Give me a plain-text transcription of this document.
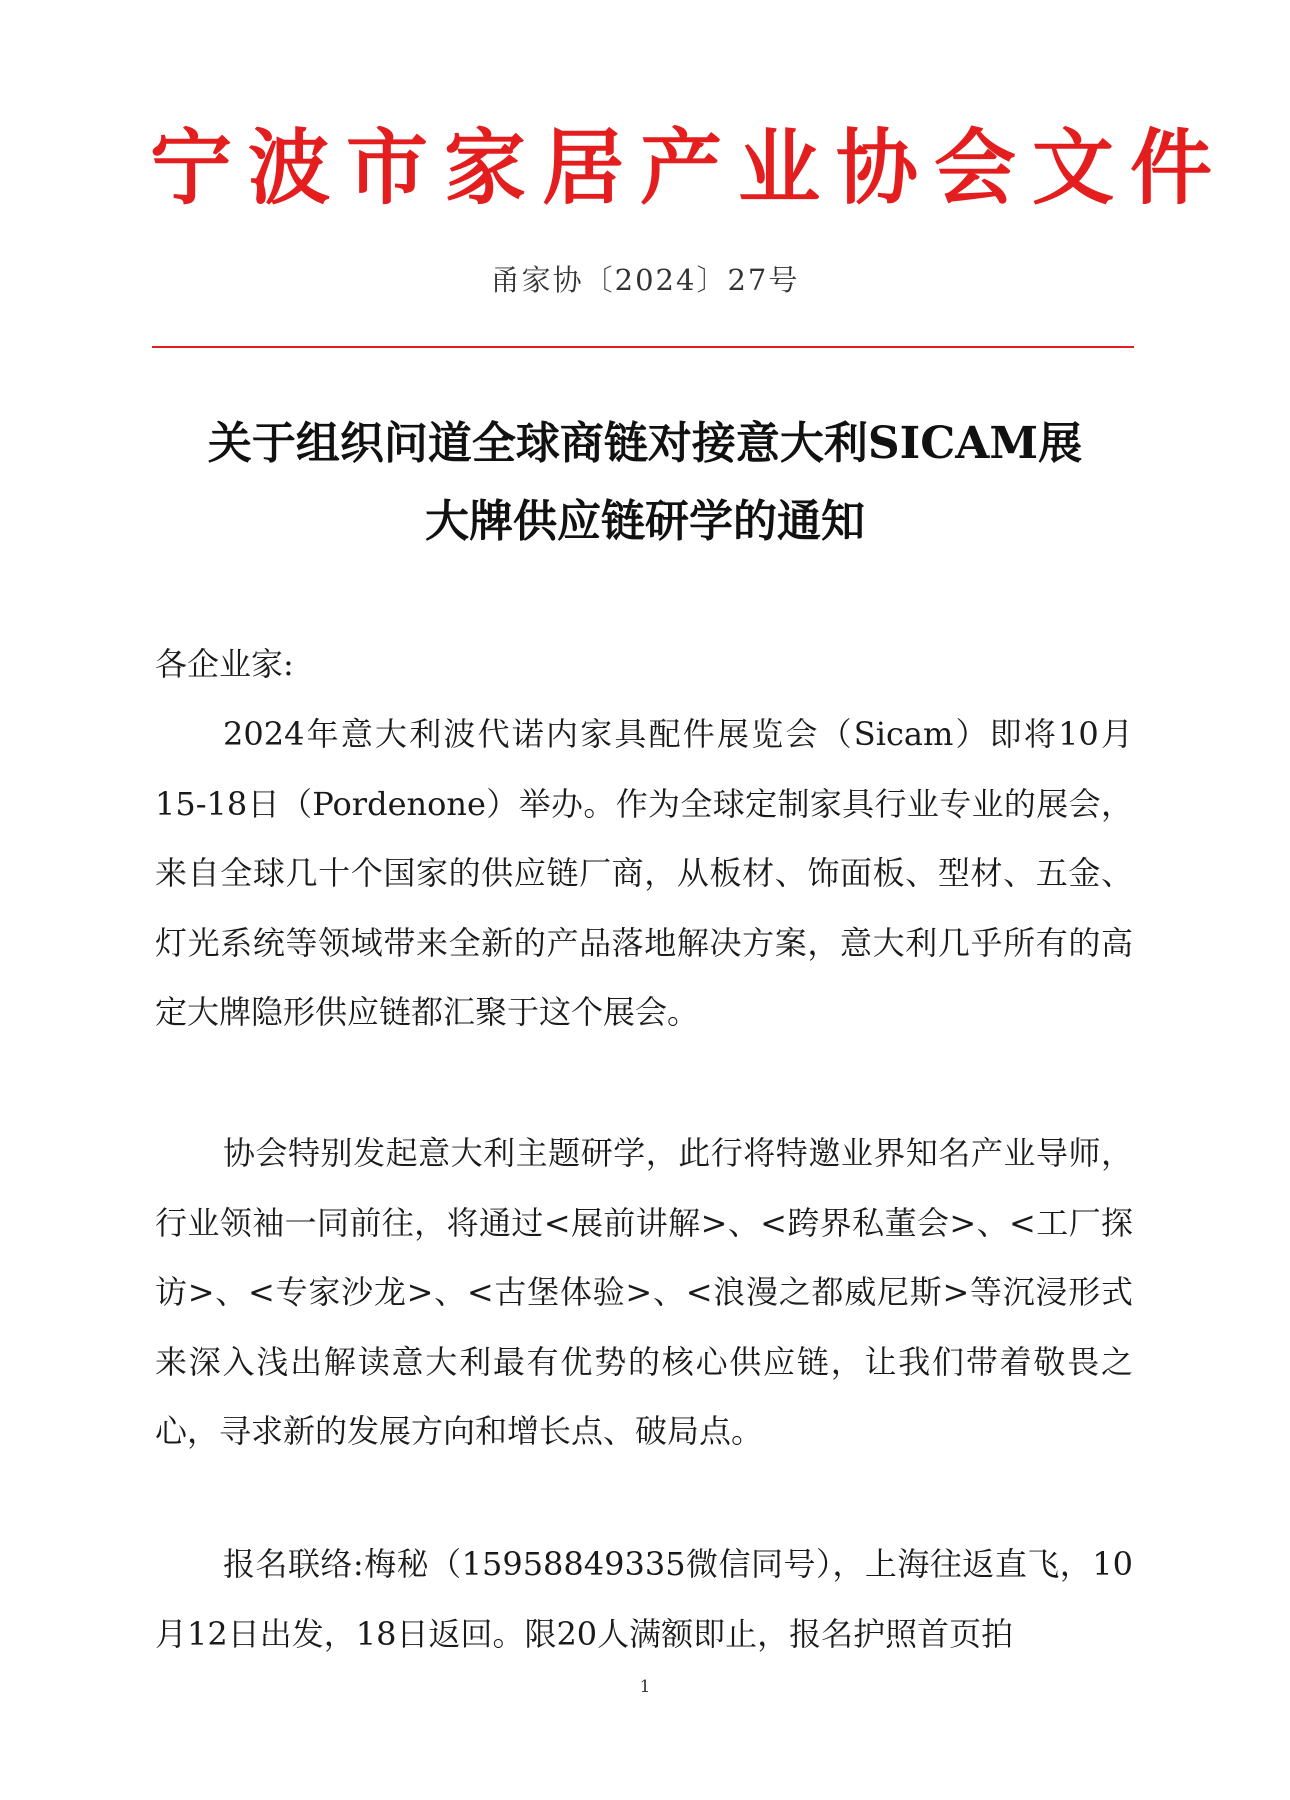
宁波市家居产业协会文件
甬家协〔2024〕27号
关于组织问道全球商链对接意大利SICAM展
大牌供应链研学的通知
各企业家:
2024年意大利波代诺内家具配件展览会（Sicam）即将10月15-18日（Pordenone）举办。作为全球定制家具行业专业的展会，来自全球几十个国家的供应链厂商，从板材、饰面板、型材、五金、灯光系统等领域带来全新的产品落地解决方案，意大利几乎所有的高定大牌隐形供应链都汇聚于这个展会。
协会特别发起意大利主题研学，此行将特邀业界知名产业导师，行业领袖一同前往，将通过<展前讲解>、<跨界私董会>、<工厂探访>、<专家沙龙>、<古堡体验>、<浪漫之都威尼斯>等沉浸形式来深入浅出解读意大利最有优势的核心供应链，让我们带着敬畏之心，寻求新的发展方向和增长点、破局点。
报名联络:梅秘（15958849335微信同号），上海往返直飞，10月12日出发，18日返回。限20人满额即止，报名护照首页拍
1
